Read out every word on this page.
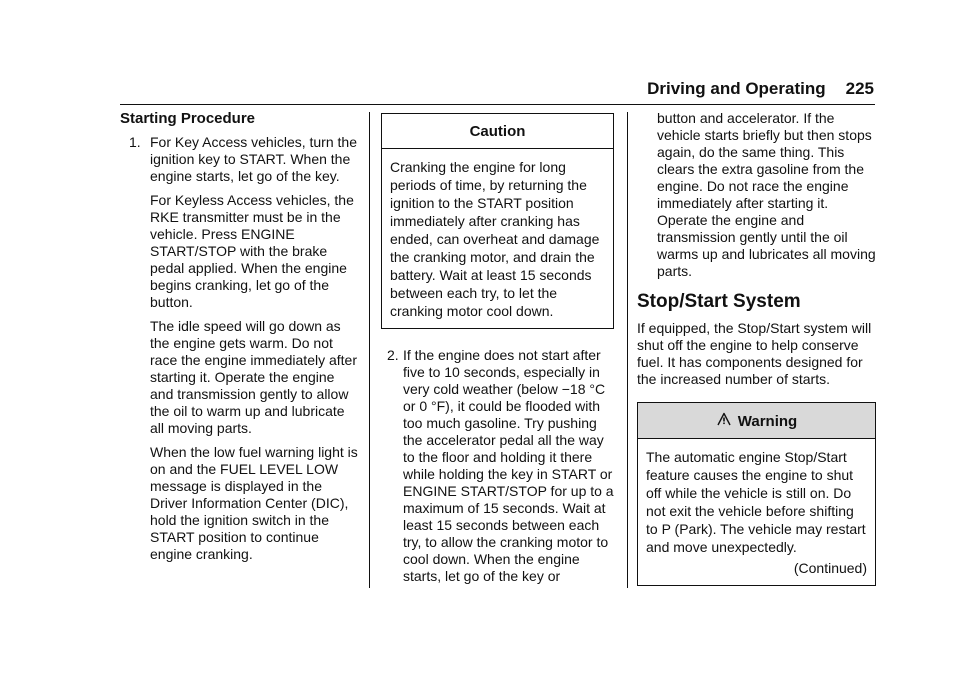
Driving and Operating 225
Starting Procedure
1. For Key Access vehicles, turn the ignition key to START. When the engine starts, let go of the key.

For Keyless Access vehicles, the RKE transmitter must be in the vehicle. Press ENGINE START/STOP with the brake pedal applied. When the engine begins cranking, let go of the button.

The idle speed will go down as the engine gets warm. Do not race the engine immediately after starting it. Operate the engine and transmission gently to allow the oil to warm up and lubricate all moving parts.

When the low fuel warning light is on and the FUEL LEVEL LOW message is displayed in the Driver Information Center (DIC), hold the ignition switch in the START position to continue engine cranking.

Caution
Cranking the engine for long periods of time, by returning the ignition to the START position immediately after cranking has ended, can overheat and damage the cranking motor, and drain the battery. Wait at least 15 seconds between each try, to let the cranking motor cool down.
2. If the engine does not start after five to 10 seconds, especially in very cold weather (below −18 °C or 0 °F), it could be flooded with too much gasoline. Try pushing the accelerator pedal all the way to the floor and holding it there while holding the key in START or ENGINE START/STOP for up to a maximum of 15 seconds. Wait at least 15 seconds between each try, to allow the cranking motor to cool down. When the engine starts, let go of the key or

button and accelerator. If the vehicle starts briefly but then stops again, do the same thing. This clears the extra gasoline from the engine. Do not race the engine immediately after starting it. Operate the engine and transmission gently until the oil warms up and lubricates all moving parts.

Stop/Start System

If equipped, the Stop/Start system will shut off the engine to help conserve fuel. It has components designed for the increased number of starts.

Warning
The automatic engine Stop/Start feature causes the engine to shut off while the vehicle is still on. Do not exit the vehicle before shifting to P (Park). The vehicle may restart and move unexpectedly.
(Continued)
